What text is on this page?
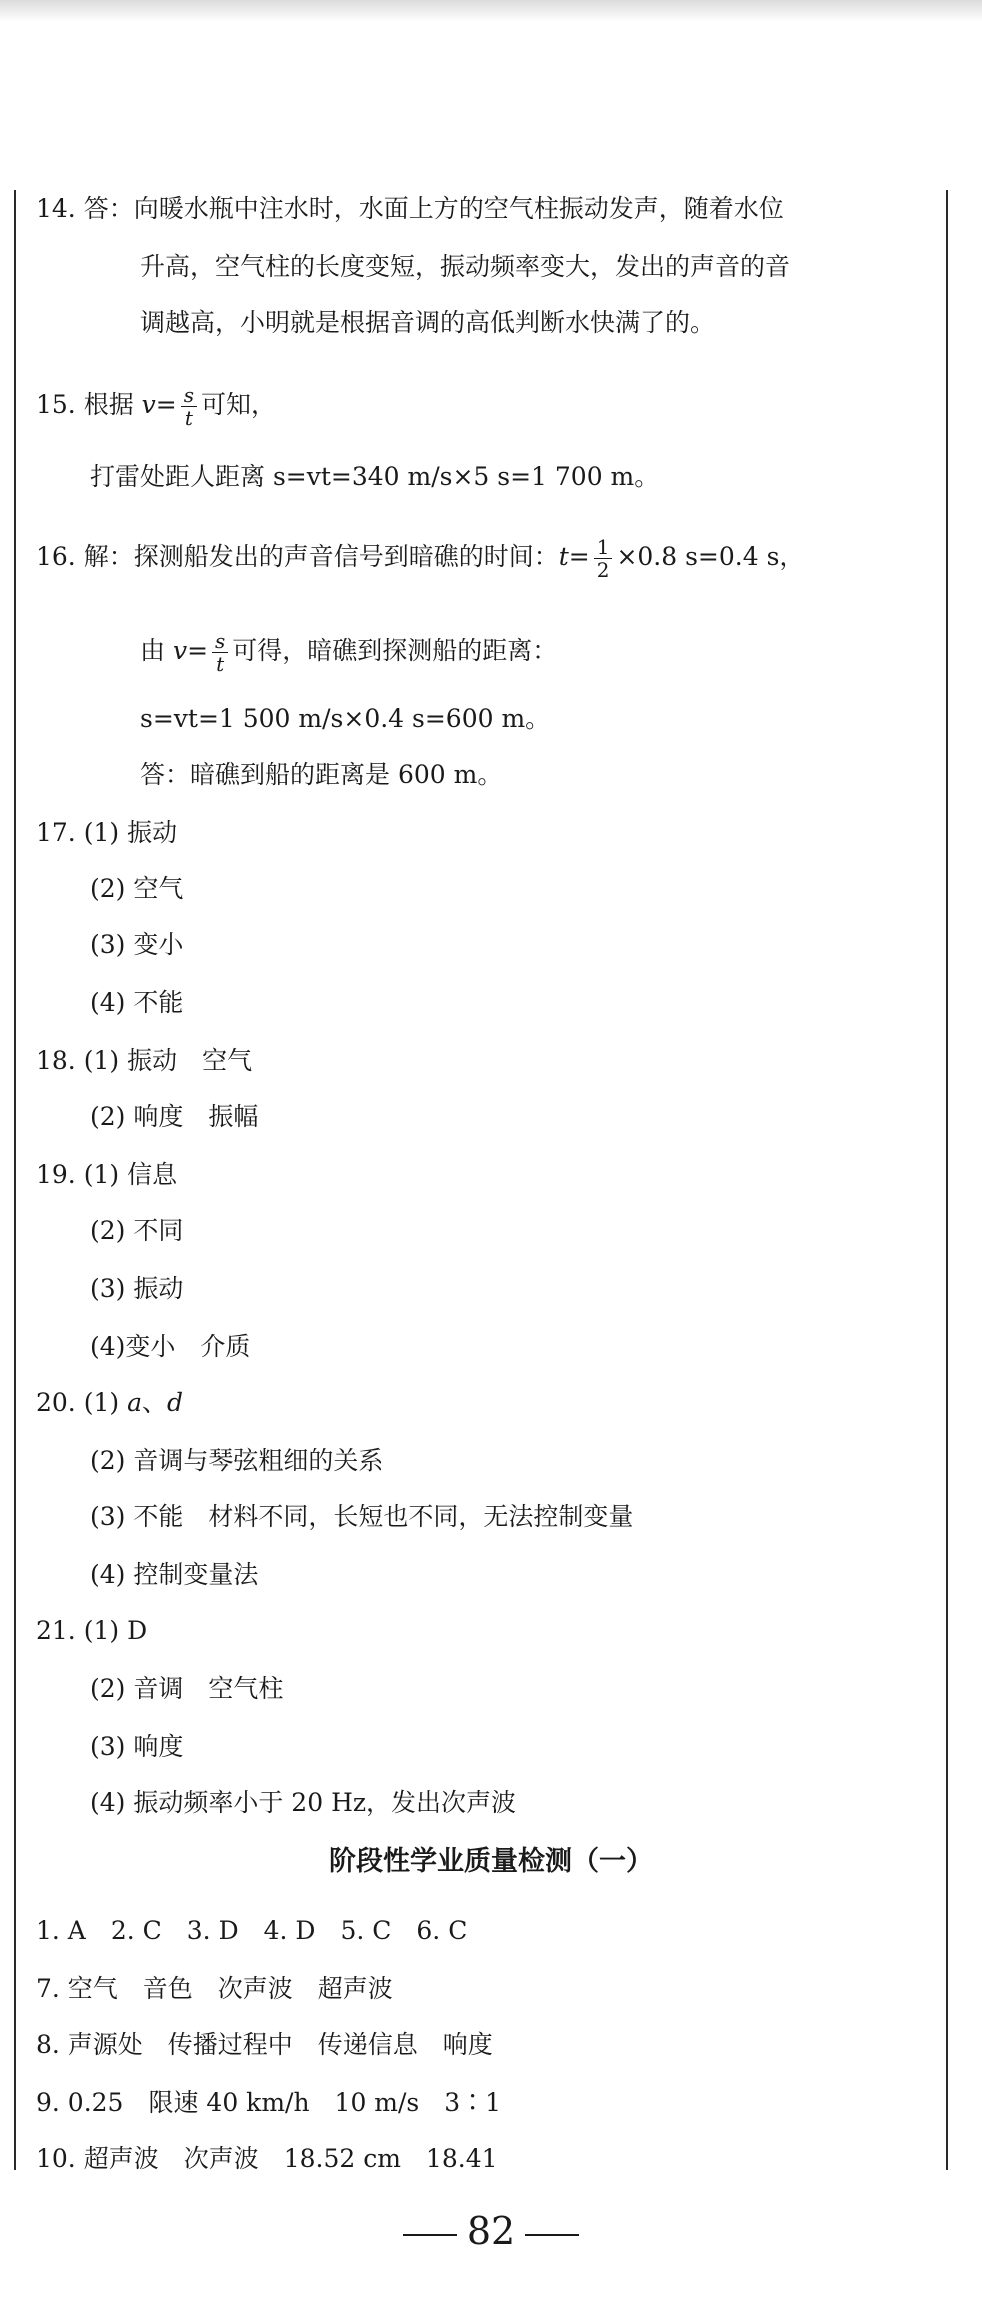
14. 答：向暖水瓶中注水时，水面上方的空气柱振动发声，随着水位
升高，空气柱的长度变短，振动频率变大，发出的声音的音
调越高，小明就是根据音调的高低判断水快满了的。
15. 根据 $v= \frac{s}{t}$ 可知，
打雷处距人距离 s=vt=340 m/s×5 s=1 700 m。
16. 解：探测船发出的声音信号到暗礁的时间：$t= \frac{1}{2} \times 0.8$ s=0.4 s，
由 $v= \frac{s}{t}$ 可得，暗礁到探测船的距离：
s=vt=1 500 m/s×0.4 s=600 m。
答：暗礁到船的距离是 600 m。
17. (1) 振动
(2) 空气
(3) 变小
(4) 不能
18. (1) 振动　空气
(2) 响度　振幅
19. (1) 信息
(2) 不同
(3) 振动
(4)变小　介质
20. (1) a、d
(2) 音调与琴弦粗细的关系
(3) 不能　材料不同，长短也不同，无法控制变量
(4) 控制变量法
21. (1) D
(2) 音调　空气柱
(3) 响度
(4) 振动频率小于 20 Hz，发出次声波
阶段性学业质量检测（一）
1. A　2. C　3. D　4. D　5. C　6. C
7. 空气　音色　次声波　超声波
8. 声源处　传播过程中　传递信息　响度
9. 0.25　限速 40 km/h　10 m/s　3∶1
10. 超声波　次声波　18.52 cm　18.41
82
